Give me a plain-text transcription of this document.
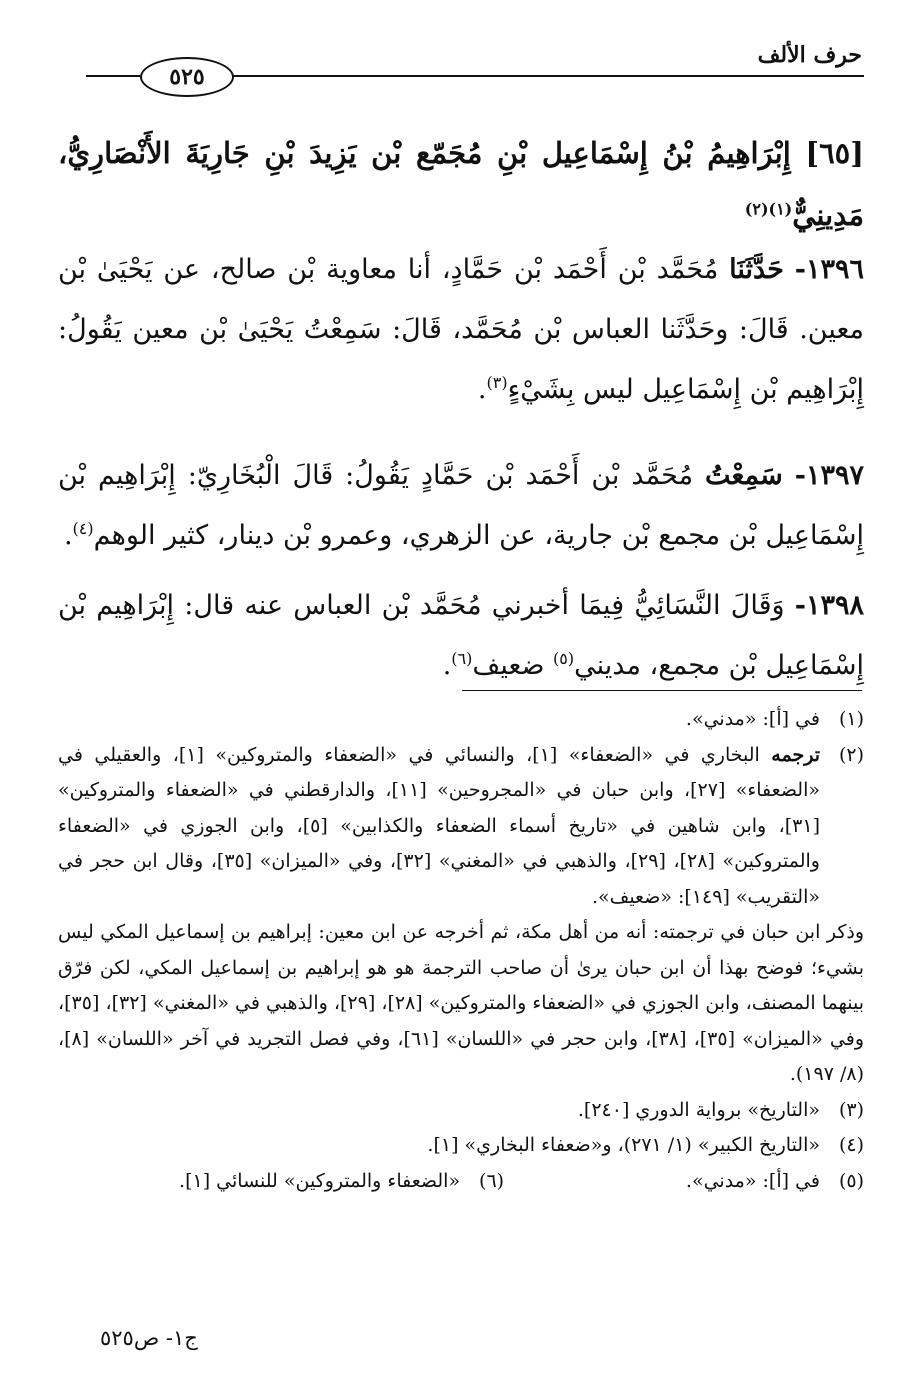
حرف الألف
٥٢٥
[٦٥] إِبْرَاهِيمُ بْنُ إِسْمَاعِيل بْنِ مُجَمّع بْن يَزِيدَ بْنِ جَارِيَةَ الأَنْصَارِيُّ، مَدِينِيٌّ$^{(١)(٢)}$
١٣٩٦- حَدَّثَنَا مُحَمَّد بْن أَحْمَد بْن حَمَّادٍ، أنا معاوية بْن صالح، عن يَحْيَىٰ بْن معين. قَالَ: وحَدَّثَنا العباس بْن مُحَمَّد، قَالَ: سَمِعْتُ يَحْيَىٰ بْن معين يَقُولُ: إِبْرَاهِيم بْن إِسْمَاعِيل ليس بِشَيْءٍ$^{(٣)}$.
١٣٩٧- سَمِعْتُ مُحَمَّد بْن أَحْمَد بْن حَمَّادٍ يَقُولُ: قَالَ الْبُخَارِيّ: إِبْرَاهِيم بْن إِسْمَاعِيل بْن مجمع بْن جارية، عن الزهري، وعمرو بْن دينار، كثير الوهم$^{(٤)}$.
١٣٩٨- وَقَالَ النَّسَائِيُّ فِيمَا أخبرني مُحَمَّد بْن العباس عنه قال: إِبْرَاهِيم بْن إِسْمَاعِيل بْن مجمع، مديني$^{(٥)}$ ضعيف$^{(٦)}$.

(١)
في [أ]: «مدني».

(٢)
ترجمه البخاري في «الضعفاء» [١]، والنسائي في «الضعفاء والمتروكين» [١]، والعقيلي في «الضعفاء» [٢٧]، وابن حبان في «المجروحين» [١١]، والدارقطني في «الضعفاء والمتروكين» [٣١]، وابن شاهين في «تاريخ أسماء الضعفاء والكذابين» [٥]، وابن الجوزي في «الضعفاء والمتروكين» [٢٨]، [٢٩]، والذهبي في «المغني» [٣٢]، وفي «الميزان» [٣٥]، وقال ابن حجر في «التقريب» [١٤٩]: «ضعيف».

وذكر ابن حبان في ترجمته: أنه من أهل مكة، ثم أخرجه عن ابن معين: إبراهيم بن إسماعيل المكي ليس بشيء؛ فوضح بهذا أن ابن حبان يرىٰ أن صاحب الترجمة هو هو إبراهيم بن إسماعيل المكي، لكن فرّق بينهما المصنف، وابن الجوزي في «الضعفاء والمتروكين» [٢٨]، [٢٩]، والذهبي في «المغني» [٣٢]، [٣٥]، وفي «الميزان» [٣٥]، [٣٨]، وابن حجر في «اللسان» [٦١]، وفي فصل التجريد في آخر «اللسان» [٨]، (٨/ ١٩٧).

(٣)
«التاريخ» برواية الدوري [٢٤٠].

(٤)
«التاريخ الكبير» (١/ ٢٧١)، و«ضعفاء البخاري» [١].

(٥)
في [أ]: «مدني».

(٦)
«الضعفاء والمتروكين» للنسائي [١].

ج١- ص٥٢٥
